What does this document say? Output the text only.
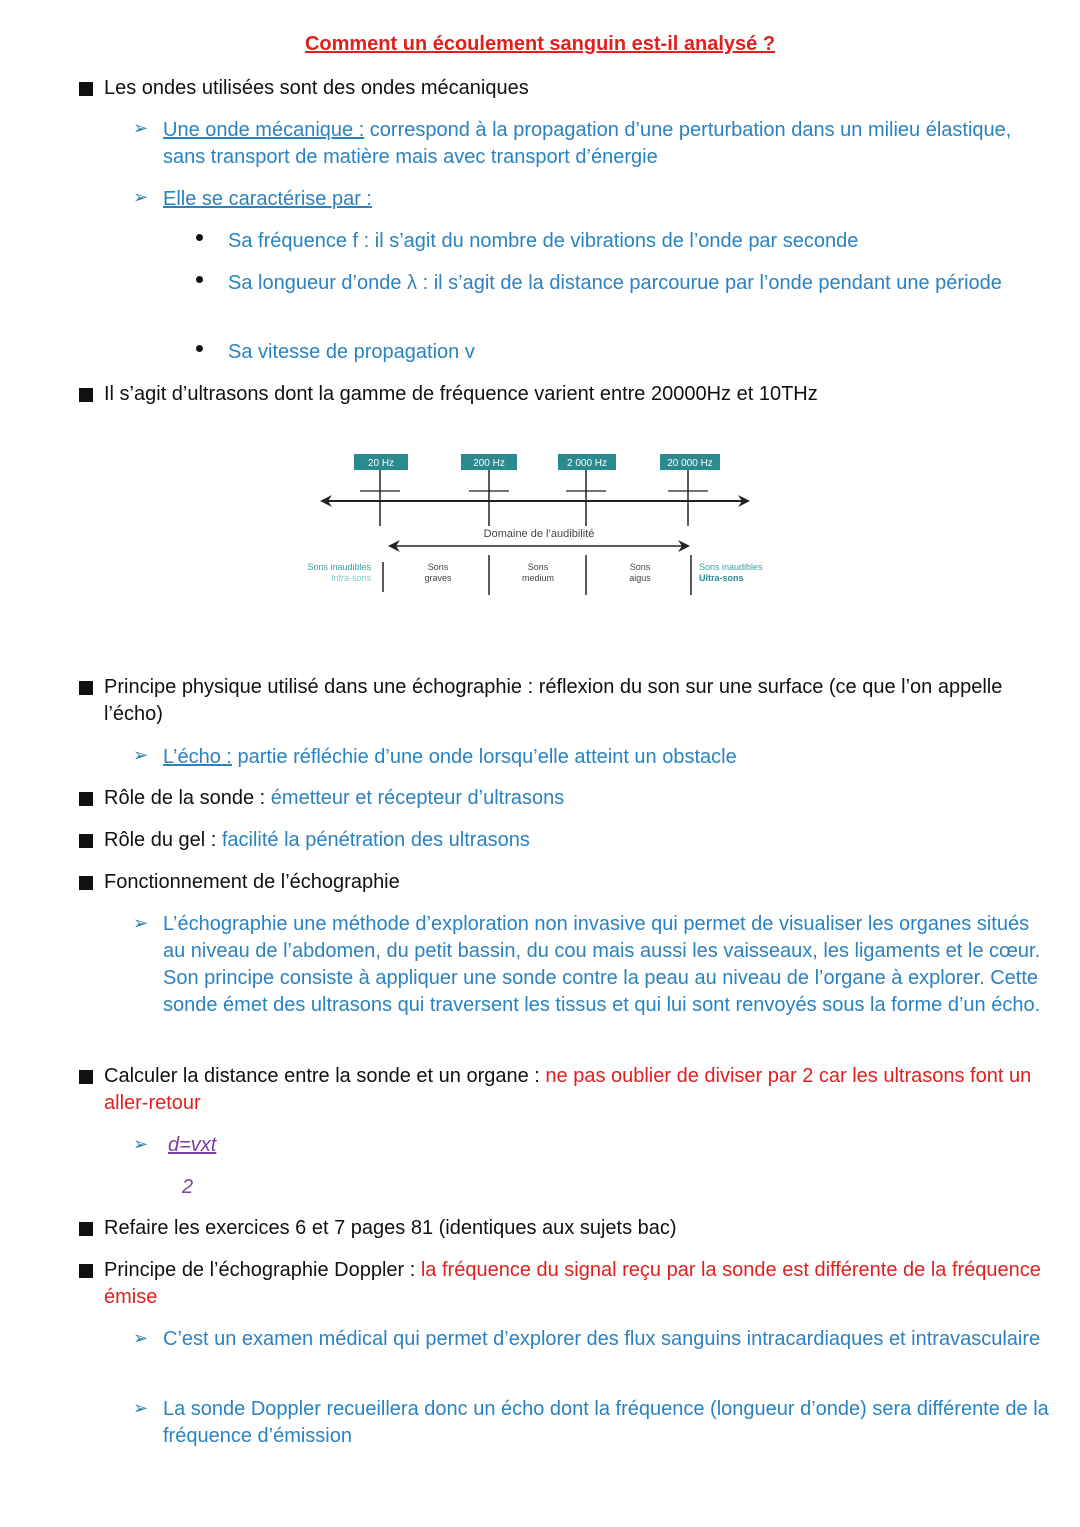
Comment un écoulement sanguin est-il analysé ?
Les ondes utilisées sont des ondes mécaniques
➢ Une onde mécanique : correspond à la propagation d’une perturbation dans un milieu élastique, sans transport de matière mais avec transport d’énergie
➢ Elle se caractérise par :
Sa fréquence f : il s’agit du nombre de vibrations de l’onde par seconde
Sa longueur d’onde λ : il s’agit de la distance parcourue par l’onde pendant une période
Sa vitesse de propagation v
Il s’agit d’ultrasons dont la gamme de fréquence varient entre 20000Hz et 10THz
20 Hz	200 Hz	2 000 Hz	20 000 Hz
Domaine de l’audibilité
Sons inaudibles
Infra-sons
Sons
graves
Sons
medium
Sons
aigus
Sons inaudibles
Ultra-sons
Principe physique utilisé dans une échographie : réflexion du son sur une surface (ce que l’on appelle l’écho)
➢ L’écho : partie réfléchie d’une onde lorsqu’elle atteint un obstacle
Rôle de la sonde : émetteur et récepteur d’ultrasons
Rôle du gel : facilité la pénétration des ultrasons
Fonctionnement de l’échographie
➢ L’échographie une méthode d’exploration non invasive qui permet de visualiser les organes situés au niveau de l’abdomen, du petit bassin, du cou mais aussi les vaisseaux, les ligaments et le cœur. Son principe consiste à appliquer une sonde contre la peau au niveau de l’organe à explorer. Cette sonde émet des ultrasons qui traversent les tissus et qui lui sont renvoyés sous la forme d’un écho.
Calculer la distance entre la sonde et un organe : ne pas oublier de diviser par 2 car les ultrasons font un aller-retour
➢ d=vxt
2
Refaire les exercices 6 et 7 pages 81 (identiques aux sujets bac)
Principe de l’échographie Doppler : la fréquence du signal reçu par la sonde est différente de la fréquence émise
➢ C’est un examen médical qui permet d’explorer des flux sanguins intracardiaques et intravasculaire
➢ La sonde Doppler recueillera donc un écho dont la fréquence (longueur d’onde) sera différente de la fréquence d’émission
